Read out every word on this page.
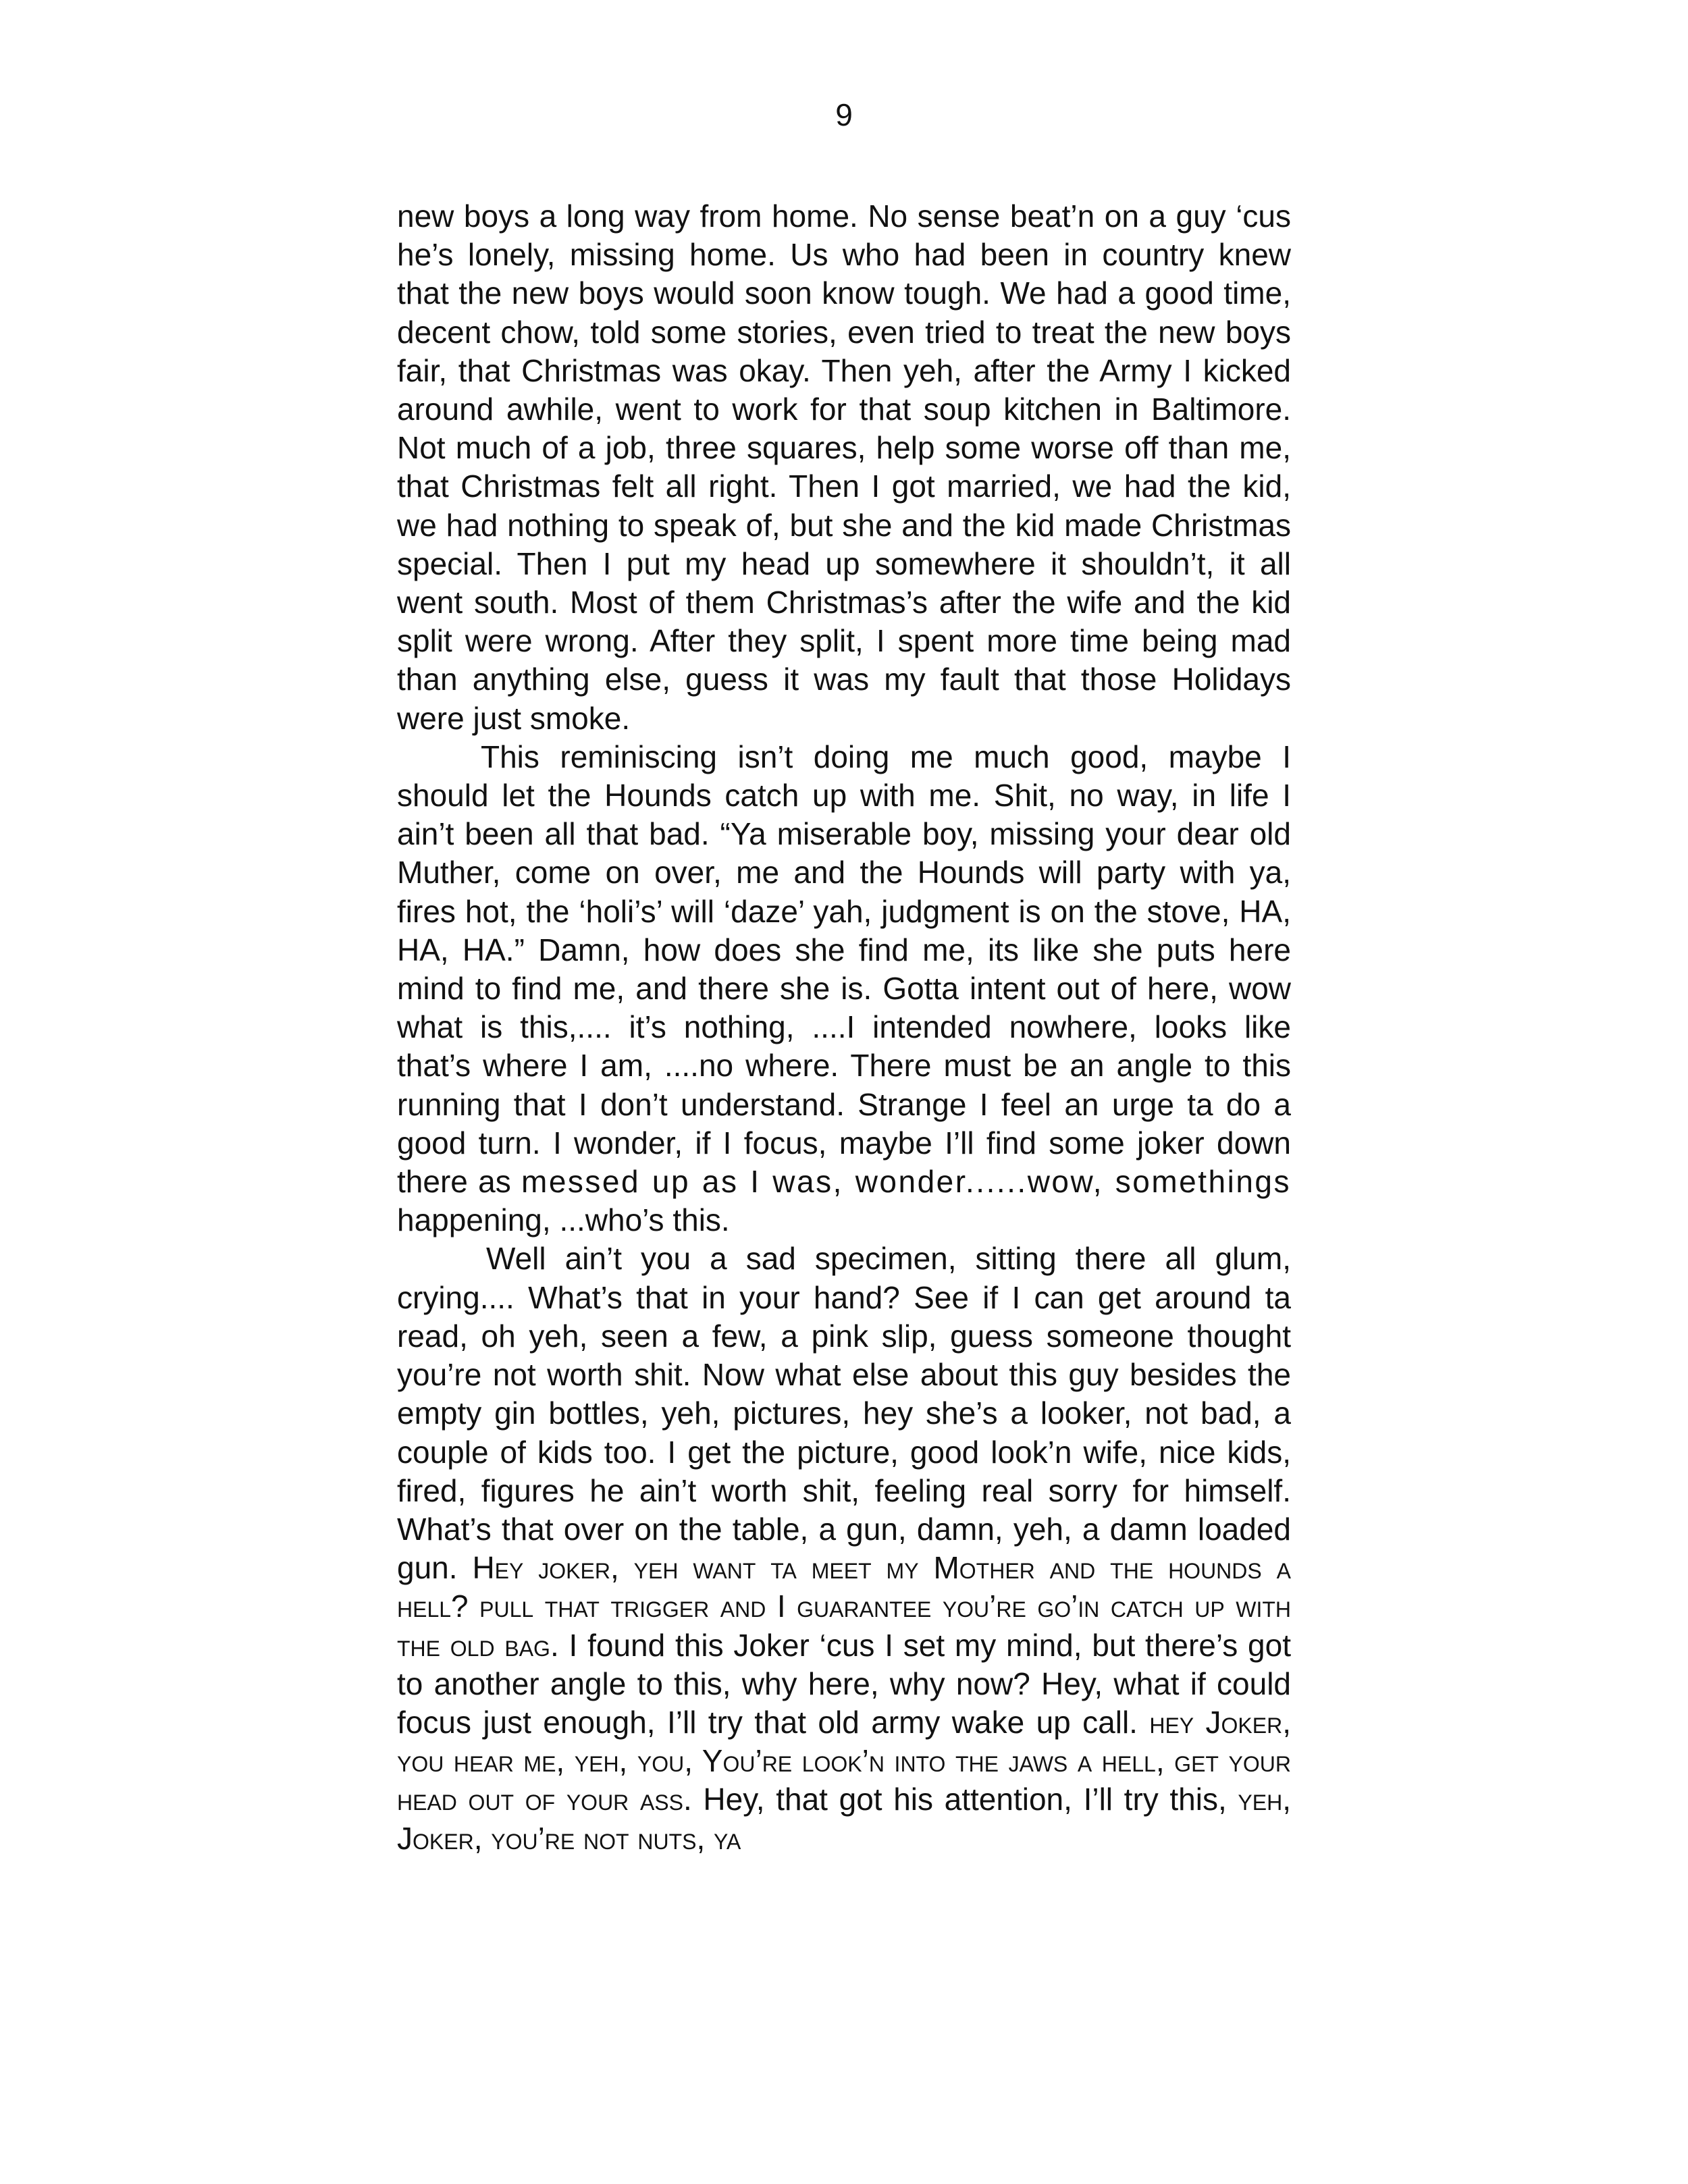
9

new boys a long way from home. No sense beat’n on a guy ‘cus he’s lonely, missing home. Us who had been in country knew that the new boys would soon know tough. We had a good time, decent chow, told some stories, even tried to treat the new boys fair, that Christmas was okay. Then yeh, after the Army I kicked around awhile, went to work for that soup kitchen in Baltimore. Not much of a job, three squares, help some worse off than me, that Christmas felt all right. Then I got married, we had the kid, we had nothing to speak of, but she and the kid made Christmas special. Then I put my head up somewhere it shouldn’t, it all went south. Most of them Christmas’s after the wife and the kid split were wrong. After they split, I spent more time being mad than anything else, guess it was my fault that those Holidays were just smoke.

This reminiscing isn’t doing me much good, maybe I should let the Hounds catch up with me. Shit, no way, in life I ain’t been all that bad. “Ya miserable boy, missing your dear old Muther, come on over, me and the Hounds will party with ya, fires hot, the ‘holi’s’ will ‘daze’ yah, judgment is on the stove, HA, HA, HA.” Damn, how does she find me, its like she puts here mind to find me, and there she is. Gotta intent out of here, wow what is this,.... it’s nothing, ....I intended nowhere, looks like that’s where I am, ....no where. There must be an angle to this running that I don’t understand. Strange I feel an urge ta do a good turn. I wonder, if I focus, maybe I’ll find some joker down there as messed up as I was, wonder......wow, somethings happening, ...who’s this.

Well ain’t you a sad specimen, sitting there all glum, crying.... What’s that in your hand? See if I can get around ta read, oh yeh, seen a few, a pink slip, guess someone thought you’re not worth shit. Now what else about this guy besides the empty gin bottles, yeh, pictures, hey she’s a looker, not bad, a couple of kids too. I get the picture, good look’n wife, nice kids, fired, figures he ain’t worth shit, feeling real sorry for himself. What’s that over on the table, a gun, damn, yeh, a damn loaded gun. Hey joker, yeh want ta meet my Mother and the hounds a hell? pull that trigger and I guarantee you’re go’in catch up with the old bag. I found this Joker ‘cus I set my mind, but there’s got to another angle to this, why here, why now? Hey, what if could focus just enough, I’ll try that old army wake up call. hey Joker, you hear me, yeh, you, You’re look’n into the jaws a hell, get your head out of your ass. Hey, that got his attention, I’ll try this, yeh, Joker, you’re not nuts, ya
